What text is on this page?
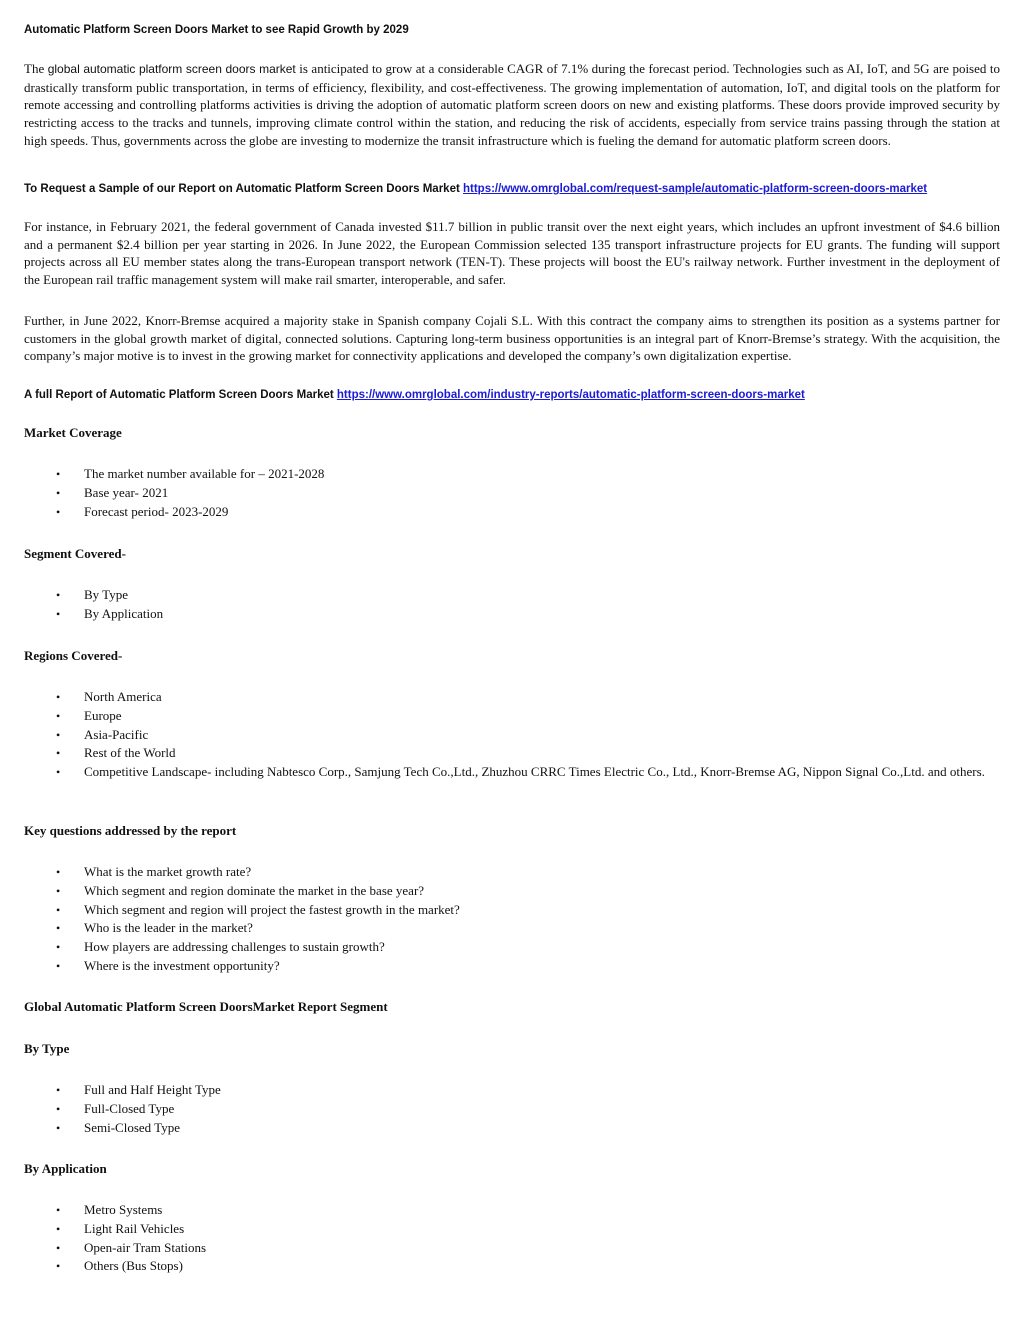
Automatic Platform Screen Doors Market to see Rapid Growth by 2029

The global automatic platform screen doors market is anticipated to grow at a considerable CAGR of 7.1% during the forecast period. Technologies such as AI, IoT, and 5G are poised to drastically transform public transportation, in terms of efficiency, flexibility, and cost-effectiveness. The growing implementation of automation, IoT, and digital tools on the platform for remote accessing and controlling platforms activities is driving the adoption of automatic platform screen doors on new and existing platforms. These doors provide improved security by restricting access to the tracks and tunnels, improving climate control within the station, and reducing the risk of accidents, especially from service trains passing through the station at high speeds. Thus, governments across the globe are investing to modernize the transit infrastructure which is fueling the demand for automatic platform screen doors.

To Request a Sample of our Report on Automatic Platform Screen Doors Market https://www.omrglobal.com/request-sample/automatic-platform-screen-doors-market

For instance, in February 2021, the federal government of Canada invested $11.7 billion in public transit over the next eight years, which includes an upfront investment of $4.6 billion and a permanent $2.4 billion per year starting in 2026. In June 2022, the European Commission selected 135 transport infrastructure projects for EU grants. The funding will support projects across all EU member states along the trans-European transport network (TEN-T). These projects will boost the EU's railway network. Further investment in the deployment of the European rail traffic management system will make rail smarter, interoperable, and safer.

Further, in June 2022, Knorr-Bremse acquired a majority stake in Spanish company Cojali S.L. With this contract the company aims to strengthen its position as a systems partner for customers in the global growth market of digital, connected solutions. Capturing long-term business opportunities is an integral part of Knorr-Bremse’s strategy. With the acquisition, the company’s major motive is to invest in the growing market for connectivity applications and developed the company’s own digitalization expertise.

A full Report of Automatic Platform Screen Doors Market https://www.omrglobal.com/industry-reports/automatic-platform-screen-doors-market
Market Coverage
• The market number available for – 2021-2028
• Base year- 2021
• Forecast period- 2023-2029
Segment Covered-
• By Type
• By Application
Regions Covered-
• North America
• Europe
• Asia-Pacific
• Rest of the World
• Competitive Landscape- including Nabtesco Corp., Samjung Tech Co.,Ltd., Zhuzhou CRRC Times Electric Co., Ltd., Knorr-Bremse AG, Nippon Signal Co.,Ltd. and others.
Key questions addressed by the report
• What is the market growth rate?
• Which segment and region dominate the market in the base year?
• Which segment and region will project the fastest growth in the market?
• Who is the leader in the market?
• How players are addressing challenges to sustain growth?
• Where is the investment opportunity?
Global Automatic Platform Screen DoorsMarket Report Segment
By Type
• Full and Half Height Type
• Full-Closed Type
• Semi-Closed Type
By Application
• Metro Systems
• Light Rail Vehicles
• Open-air Tram Stations
• Others (Bus Stops)
